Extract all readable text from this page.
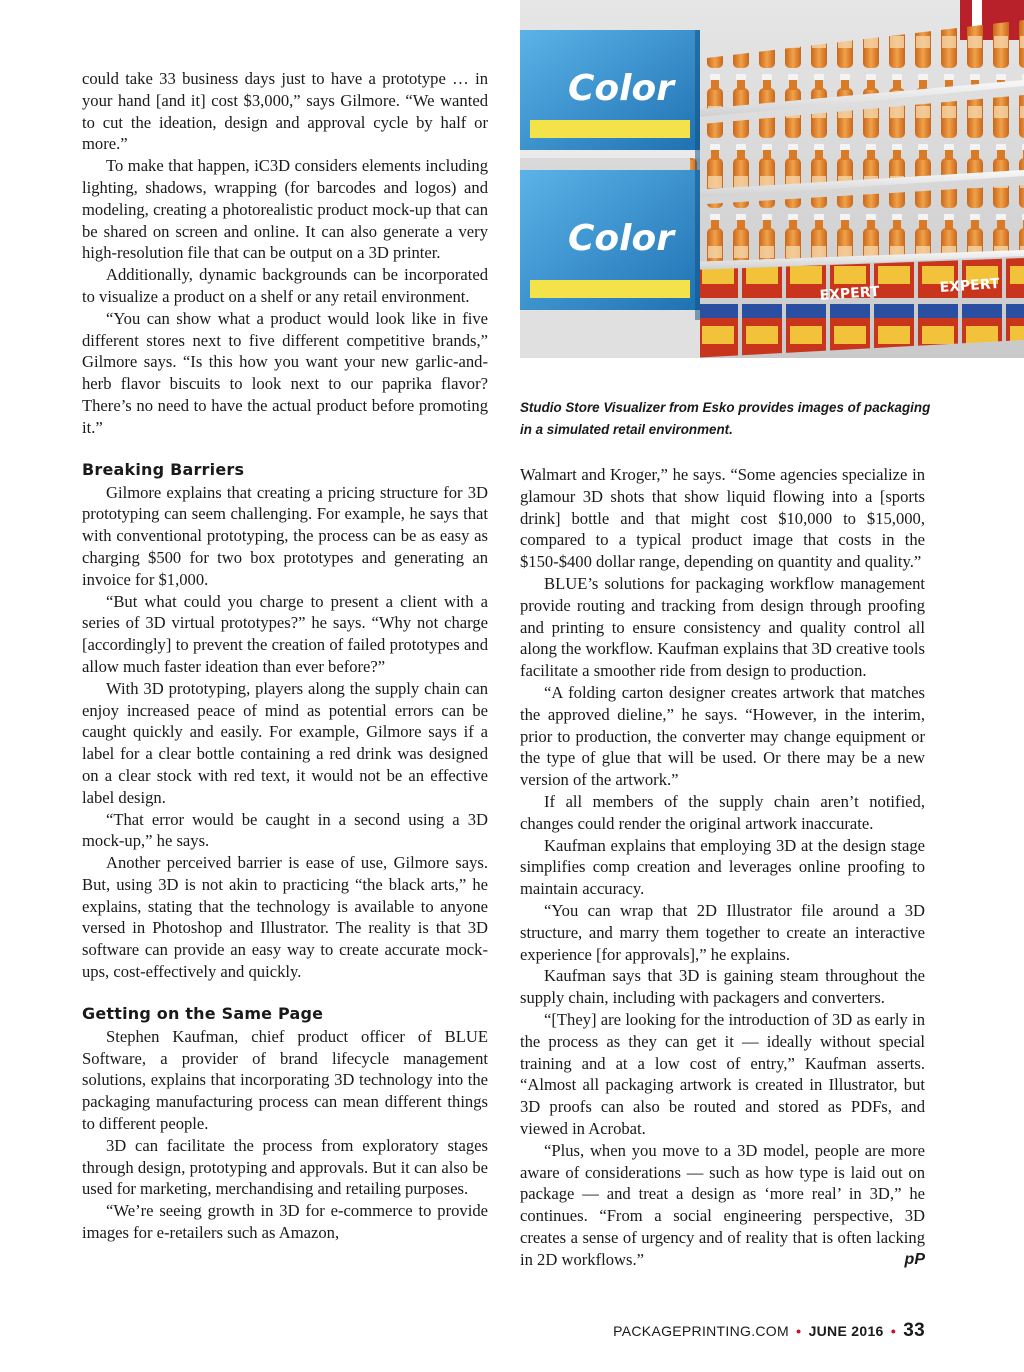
could take 33 business days just to have a prototype … in your hand [and it] cost $3,000,” says Gilmore. “We wanted to cut the ideation, design and approval cycle by half or more.”

To make that happen, iC3D considers elements including lighting, shadows, wrapping (for barcodes and logos) and modeling, creating a photorealistic product mock-up that can be shared on screen and online. It can also generate a very high-resolution file that can be output on a 3D printer.

Additionally, dynamic backgrounds can be incorporated to visualize a product on a shelf or any retail environment.

“You can show what a product would look like in five different stores next to five different competitive brands,” Gilmore says. “Is this how you want your new garlic-and-herb flavor biscuits to look next to our paprika flavor? There’s no need to have the actual product before promoting it.”

Breaking Barriers

Gilmore explains that creating a pricing structure for 3D prototyping can seem challenging. For example, he says that with conventional prototyping, the process can be as easy as charging $500 for two box prototypes and generating an invoice for $1,000.

“But what could you charge to present a client with a series of 3D virtual prototypes?” he says. “Why not charge [accordingly] to prevent the creation of failed prototypes and allow much faster ideation than ever before?”

With 3D prototyping, players along the supply chain can enjoy increased peace of mind as potential errors can be caught quickly and easily. For example, Gilmore says if a label for a clear bottle containing a red drink was designed on a clear stock with red text, it would not be an effective label design.

“That error would be caught in a second using a 3D mock-up,” he says.

Another perceived barrier is ease of use, Gilmore says. But, using 3D is not akin to practicing “the black arts,” he explains, stating that the technology is available to anyone versed in Photoshop and Illustrator. The reality is that 3D software can provide an easy way to create accurate mock-ups, cost-effectively and quickly.

Getting on the Same Page

Stephen Kaufman, chief product officer of BLUE Software, a provider of brand lifecycle management solutions, explains that incorporating 3D technology into the packaging manufacturing process can mean different things to different people.

3D can facilitate the process from exploratory stages through design, prototyping and approvals. But it can also be used for marketing, merchandising and retailing purposes.

“We’re seeing growth in 3D for e-commerce to provide images for e-retailers such as Amazon,

EXPERT	EXPERT
Color
Color
Studio Store Visualizer from Esko provides images of packaging in a simulated retail environment.

Walmart and Kroger,” he says. “Some agencies specialize in glamour 3D shots that show liquid flowing into a [sports drink] bottle and that might cost $10,000 to $15,000, compared to a typical product image that costs in the $150-$400 dollar range, depending on quantity and quality.”

BLUE’s solutions for packaging workflow management provide routing and tracking from design through proofing and printing to ensure consistency and quality control all along the workflow. Kaufman explains that 3D creative tools facilitate a smoother ride from design to production.

“A folding carton designer creates artwork that matches the approved dieline,” he says. “However, in the interim, prior to production, the converter may change equipment or the type of glue that will be used. Or there may be a new version of the artwork.”

If all members of the supply chain aren’t notified, changes could render the original artwork inaccurate.

Kaufman explains that employing 3D at the design stage simplifies comp creation and leverages online proofing to maintain accuracy.

“You can wrap that 2D Illustrator file around a 3D structure, and marry them together to create an interactive experience [for approvals],” he explains.

Kaufman says that 3D is gaining steam throughout the supply chain, including with packagers and converters.

“[They] are looking for the introduction of 3D as early in the process as they can get it — ideally without special training and at a low cost of entry,” Kaufman asserts. “Almost all packaging artwork is created in Illustrator, but 3D proofs can also be routed and stored as PDFs, and viewed in Acrobat.

“Plus, when you move to a 3D model, people are more aware of considerations — such as how type is laid out on package — and treat a design as ‘more real’ in 3D,” he continues. “From a social engineering perspective, 3D creates a sense of urgency and of reality that is often lacking in 2D workflows.”	pP

PACKAGEPRINTING.COM • JUNE 2016 • 33
